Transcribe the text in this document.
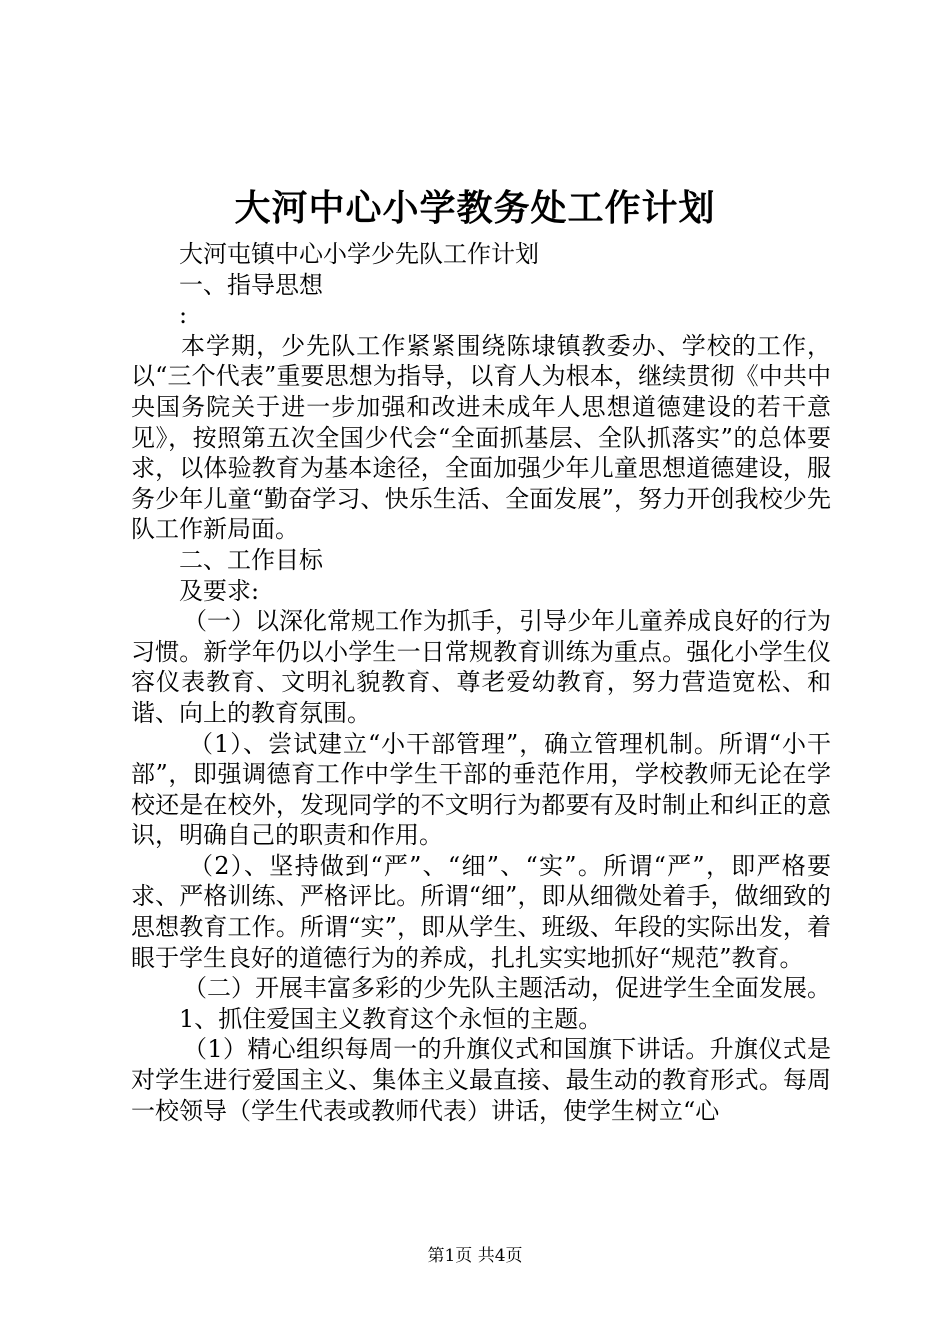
大河中心小学教务处工作计划

大河屯镇中心小学少先队工作计划

一、指导思想

:

本学期，少先队工作紧紧围绕陈埭镇教委办、学校的工作，以“三个代表”重要思想为指导，以育人为根本，继续贯彻《中共中央国务院关于进一步加强和改进未成年人思想道德建设的若干意见》，按照第五次全国少代会“全面抓基层、全队抓落实”的总体要求，以体验教育为基本途径，全面加强少年儿童思想道德建设，服务少年儿童“勤奋学习、快乐生活、全面发展”，努力开创我校少先队工作新局面。

二、工作目标

及要求:

（一）以深化常规工作为抓手，引导少年儿童养成良好的行为习惯。新学年仍以小学生一日常规教育训练为重点。强化小学生仪容仪表教育、文明礼貌教育、尊老爱幼教育，努力营造宽松、和谐、向上的教育氛围。

（1）、尝试建立“小干部管理”，确立管理机制。所谓“小干部”，即强调德育工作中学生干部的垂范作用，学校教师无论在学校还是在校外，发现同学的不文明行为都要有及时制止和纠正的意识，明确自己的职责和作用。

（2）、坚持做到“严”、“细”、“实”。所谓“严”，即严格要求、严格训练、严格评比。所谓“细”，即从细微处着手，做细致的思想教育工作。所谓“实”，即从学生、班级、年段的实际出发，着眼于学生良好的道德行为的养成，扎扎实实地抓好“规范”教育。

（二）开展丰富多彩的少先队主题活动，促进学生全面发展。

1、抓住爱国主义教育这个永恒的主题。

（1）精心组织每周一的升旗仪式和国旗下讲话。升旗仪式是对学生进行爱国主义、集体主义最直接、最生动的教育形式。每周一校领导（学生代表或教师代表）讲话，使学生树立“心

第1页 共4页
